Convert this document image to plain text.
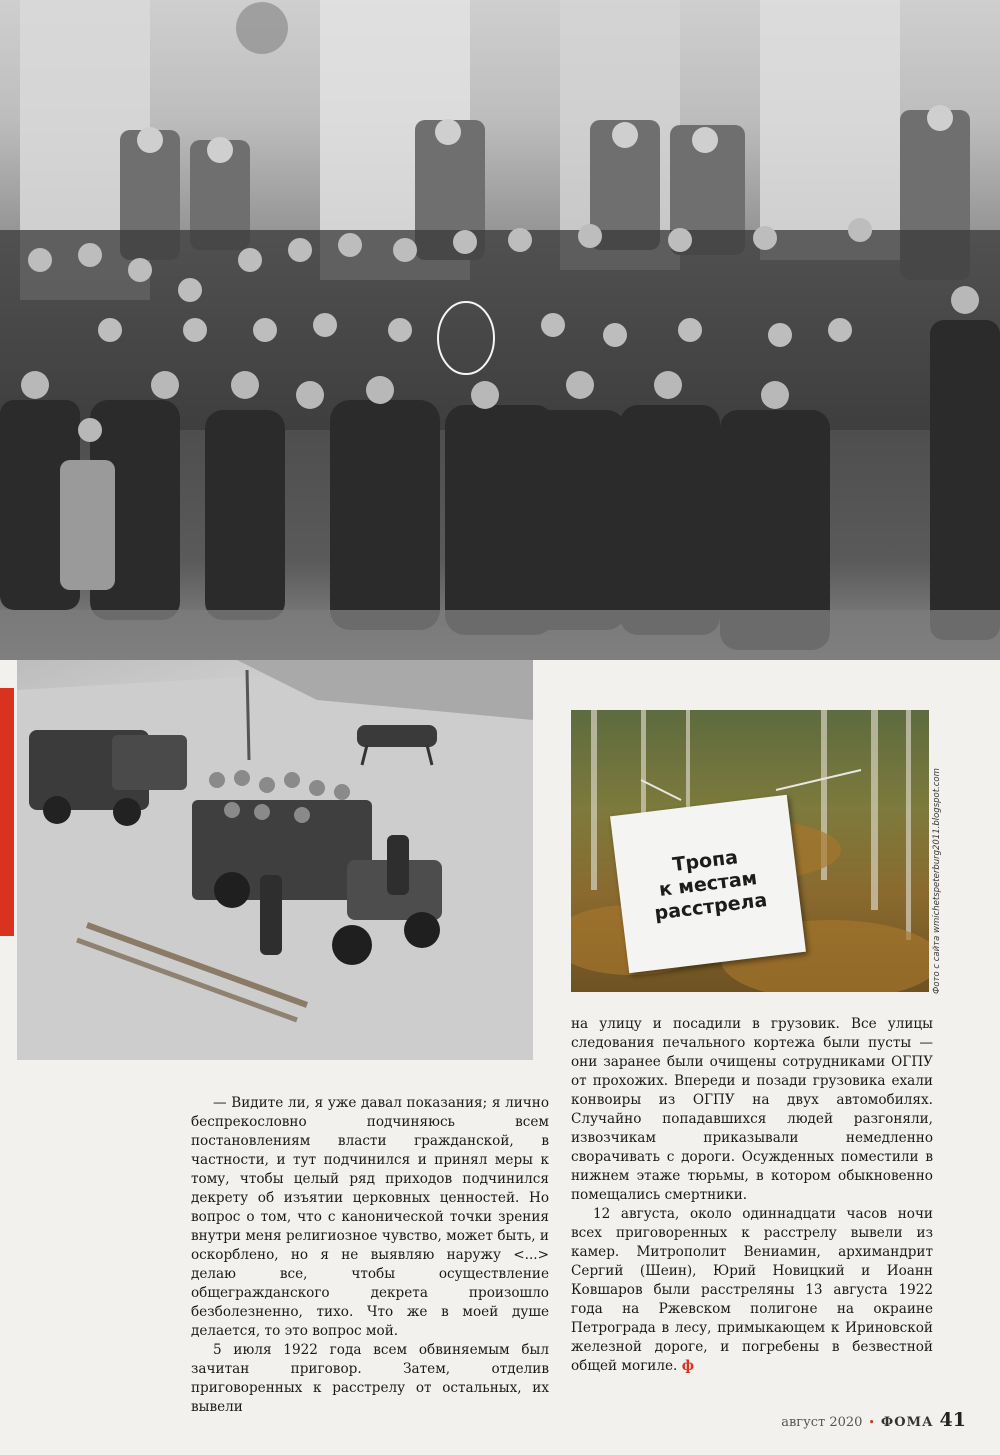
Тропа
к местам
расстрела	Фото с сайта wmichetspeterburg2011.blogspot.com

на улицу и посадили в грузовик. Все улицы следования печального кортежа были пусты — они заранее были очищены сотрудниками ОГПУ от прохожих. Впереди и позади грузовика ехали конвоиры из ОГПУ на двух автомобилях. Случайно попадавшихся людей разгоняли, извозчикам приказывали немедленно сворачивать с дороги. Осужденных поместили в нижнем этаже тюрьмы, в котором обыкновенно помещались смертники.

12 августа, около одиннадцати часов ночи всех приговоренных к расстрелу вывели из камер. Митрополит Вениамин, архимандрит Сергий (Шеин), Юрий Новицкий и Иоанн Ковшаров были расстреляны 13 августа 1922 года на Ржевском полигоне на окраине Петрограда в лесу, примыкающем к Ириновской железной дороге, и погребены в безвестной общей могиле. ф

— Видите ли, я уже давал показания; я лично беспрекословно подчиняюсь всем постановлениям власти гражданской, в частности, и тут подчинился и принял меры к тому, чтобы целый ряд приходов подчинился декрету об изъятии церковных ценностей. Но вопрос о том, что с канонической точки зрения внутри меня религиозное чувство, может быть, и оскорблено, но я не выявляю наружу <...> делаю все, чтобы осуществление общегражданского декрета произошло безболезненно, тихо. Что же в моей душе делается, то это вопрос мой.

5 июля 1922 года всем обвиняемым был зачитан приговор. Затем, отделив приговоренных к расстрелу от остальных, их вывели

август 2020 • ФОМА 41
